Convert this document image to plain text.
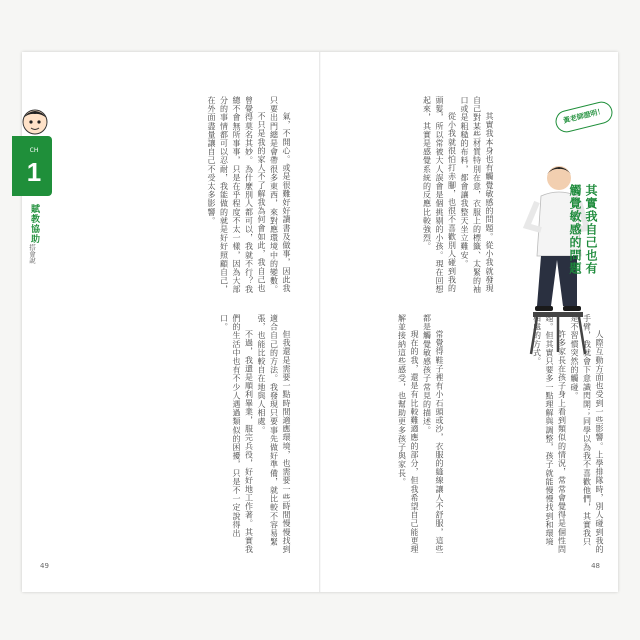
CH
1
賦教協助
搭會說	氣，不開心。或是很難好好讀書及做事，因此我只要出門總是會帶很多東西，來對應環境中的變數。

不只是我的家人不了解我為何會如此，我自己也曾覺得莫名其妙。為什麼別人都可以，我就不行？我總不會無所事事，只是在乎程度不太一樣，因為大部分的事情都可以忍耐，我能做的就是好好照顧自己，在外面盡量讓自己不受太多影響。

但我還是需要一點時間適應環境，也需要一些時間慢慢找到適合自己的方法。我發現只要事先做好準備，就比較不容易緊張，也能比較自在地與人相處。

不過，我還是順利畢業，服完兵役，好好地工作著。其實我們的生活中也有不少人遇過類似的困擾，只是不一定說得出口。

49

其實我本身也有觸覺敏感的問題。從小我就發現自己對某些材質特別在意，衣服上的標籤、太緊的袖口或是粗糙的布料，都會讓我整天坐立難安。

從小我就很怕打赤腳，也很不喜歡別人碰到我的頭髮，所以常被大人誤會是個挑剔的小孩。現在回想起來，其實是感覺系統的反應比較強烈。	黃老師證明！
其實我自己也有
觸覺敏感的問題

人際互動方面也受到一些影響。上學排隊時，別人碰到我的手臂，我就會下意識閃開；同學以為我不喜歡他們，其實我只是不習慣突然的觸碰。

許多家長在孩子身上看到類似的情況，常常會覺得是個性問題。但其實只要多一點理解與調整，孩子就能慢慢找到和環境相處的方式。

常覺得鞋子裡有小石頭或沙，衣服的縫線讓人不舒服，這些都是觸覺敏感孩子常見的描述。

現在的我，還是有比較難適應的部分，但我希望自己能更理解並接納這些感受，也幫助更多孩子與家長。

48
